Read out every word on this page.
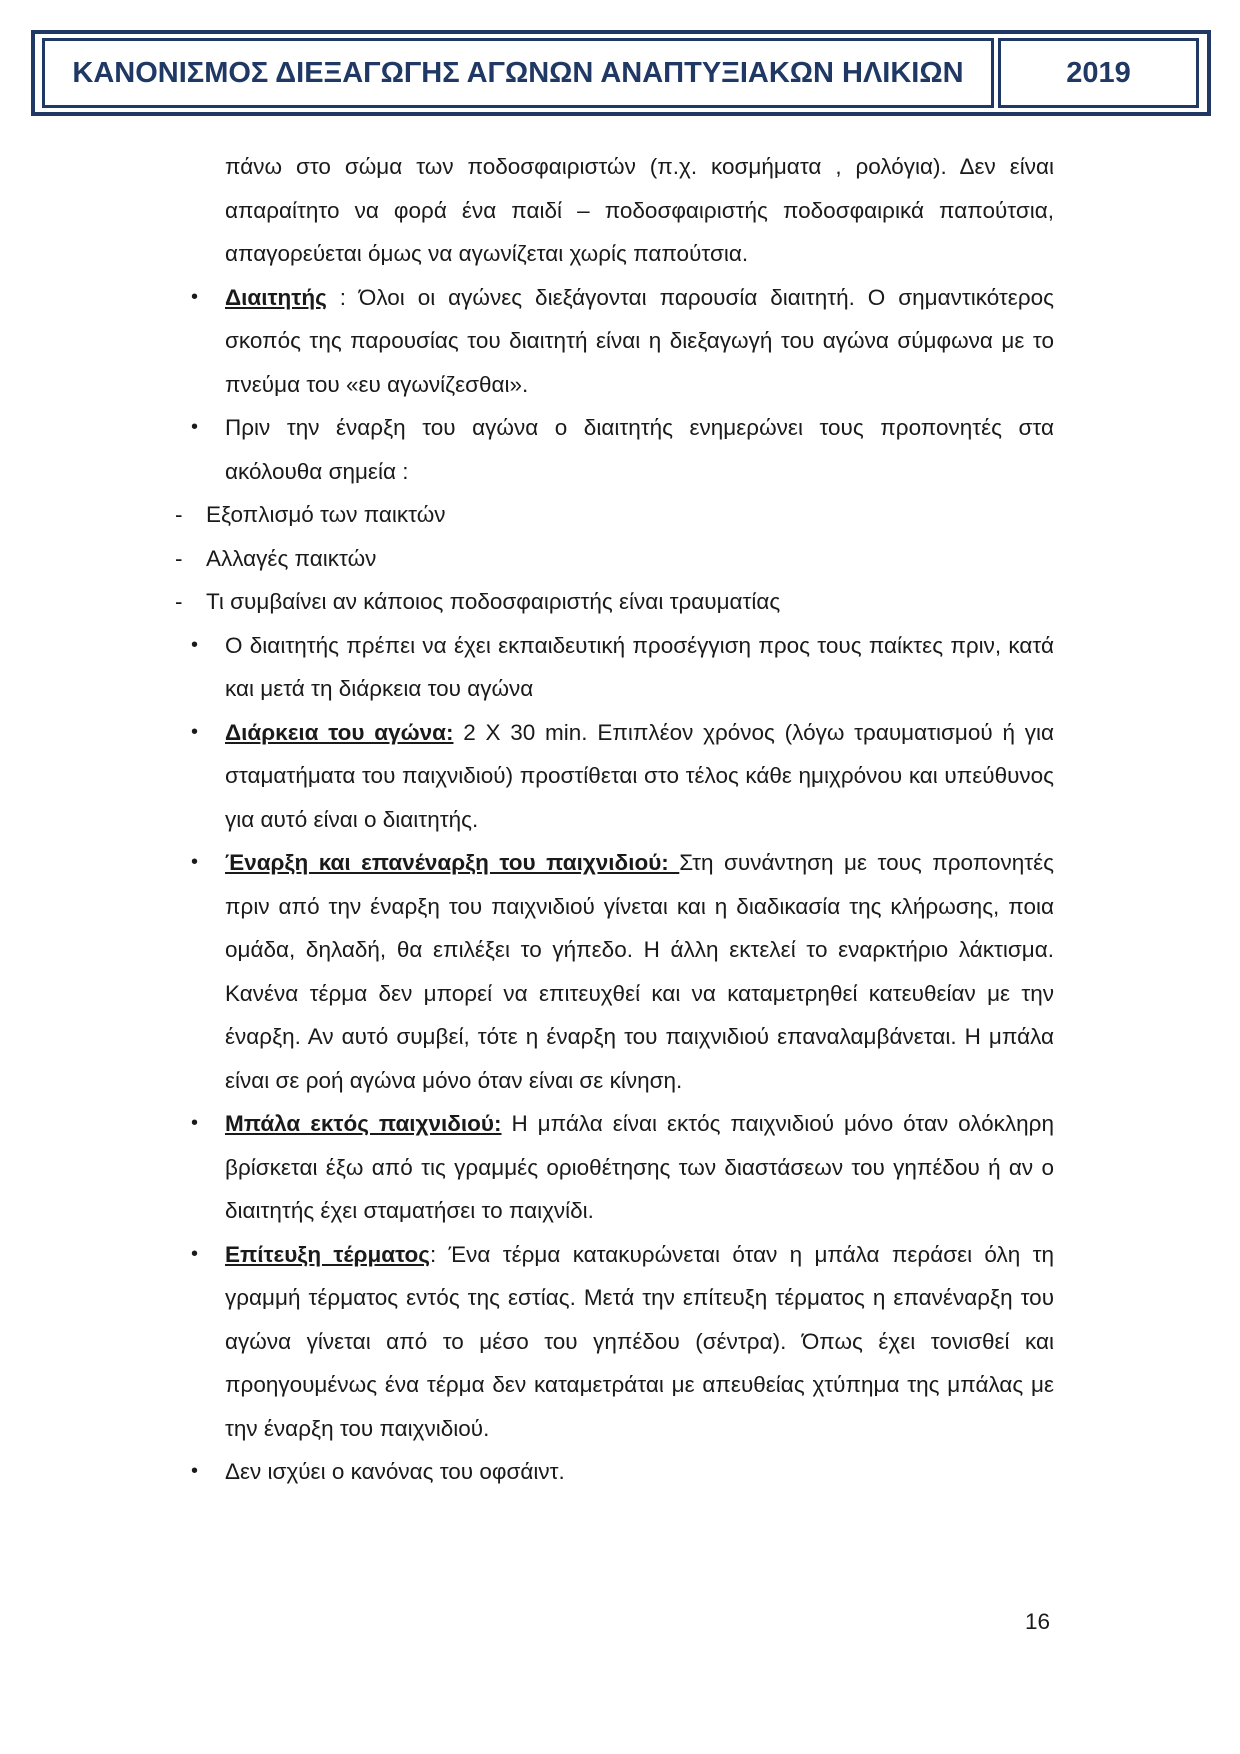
ΚΑΝΟΝΙΣΜΟΣ ΔΙΕΞΑΓΩΓΗΣ ΑΓΩΝΩΝ ΑΝΑΠΤΥΞΙΑΚΩΝ ΗΛΙΚΙΩΝ	2019

πάνω στο σώμα των ποδοσφαιριστών (π.χ. κοσμήματα , ρολόγια). Δεν είναι απαραίτητο να φορά ένα παιδί – ποδοσφαιριστής ποδοσφαιρικά παπούτσια, απαγορεύεται όμως να αγωνίζεται χωρίς παπούτσια.

•	Διαιτητής : Όλοι οι αγώνες διεξάγονται παρουσία διαιτητή. Ο σημαντικότερος σκοπός της παρουσίας του διαιτητή είναι η διεξαγωγή του αγώνα σύμφωνα με το πνεύμα του «ευ αγωνίζεσθαι».

•	Πριν την έναρξη του αγώνα ο διαιτητής ενημερώνει τους προπονητές στα ακόλουθα σημεία :

-	Εξοπλισμό των παικτών

-	Αλλαγές παικτών

-	Τι συμβαίνει αν κάποιος ποδοσφαιριστής είναι τραυματίας

•	Ο διαιτητής πρέπει να έχει εκπαιδευτική προσέγγιση προς τους παίκτες πριν, κατά και μετά τη διάρκεια του αγώνα

•	Διάρκεια του αγώνα: 2 Χ 30 min. Επιπλέον χρόνος (λόγω τραυματισμού ή για σταματήματα του παιχνιδιού) προστίθεται στο τέλος κάθε ημιχρόνου και υπεύθυνος για αυτό είναι ο διαιτητής.

•	Έναρξη και επανέναρξη του παιχνιδιού: Στη συνάντηση με τους προπονητές πριν από την έναρξη του παιχνιδιού γίνεται και η διαδικασία της κλήρωσης, ποια ομάδα, δηλαδή, θα επιλέξει το γήπεδο. Η άλλη εκτελεί το εναρκτήριο λάκτισμα. Κανένα τέρμα δεν μπορεί να επιτευχθεί και να καταμετρηθεί κατευθείαν με την έναρξη. Αν αυτό συμβεί, τότε η έναρξη του παιχνιδιού επαναλαμβάνεται. Η μπάλα είναι σε ροή αγώνα μόνο όταν είναι σε κίνηση.

•	Μπάλα εκτός παιχνιδιού: Η μπάλα είναι εκτός παιχνιδιού μόνο όταν ολόκληρη βρίσκεται έξω από τις γραμμές οριοθέτησης των διαστάσεων του γηπέδου ή αν ο διαιτητής έχει σταματήσει το παιχνίδι.

•	Επίτευξη τέρματος: Ένα τέρμα κατακυρώνεται όταν η μπάλα περάσει όλη τη γραμμή τέρματος εντός της εστίας. Μετά την επίτευξη τέρματος η επανέναρξη του αγώνα γίνεται από το μέσο του γηπέδου (σέντρα). Όπως έχει τονισθεί και προηγουμένως ένα τέρμα δεν καταμετράται με απευθείας χτύπημα της μπάλας με την έναρξη του παιχνιδιού.

•	Δεν ισχύει ο κανόνας του οφσάιντ.

16
